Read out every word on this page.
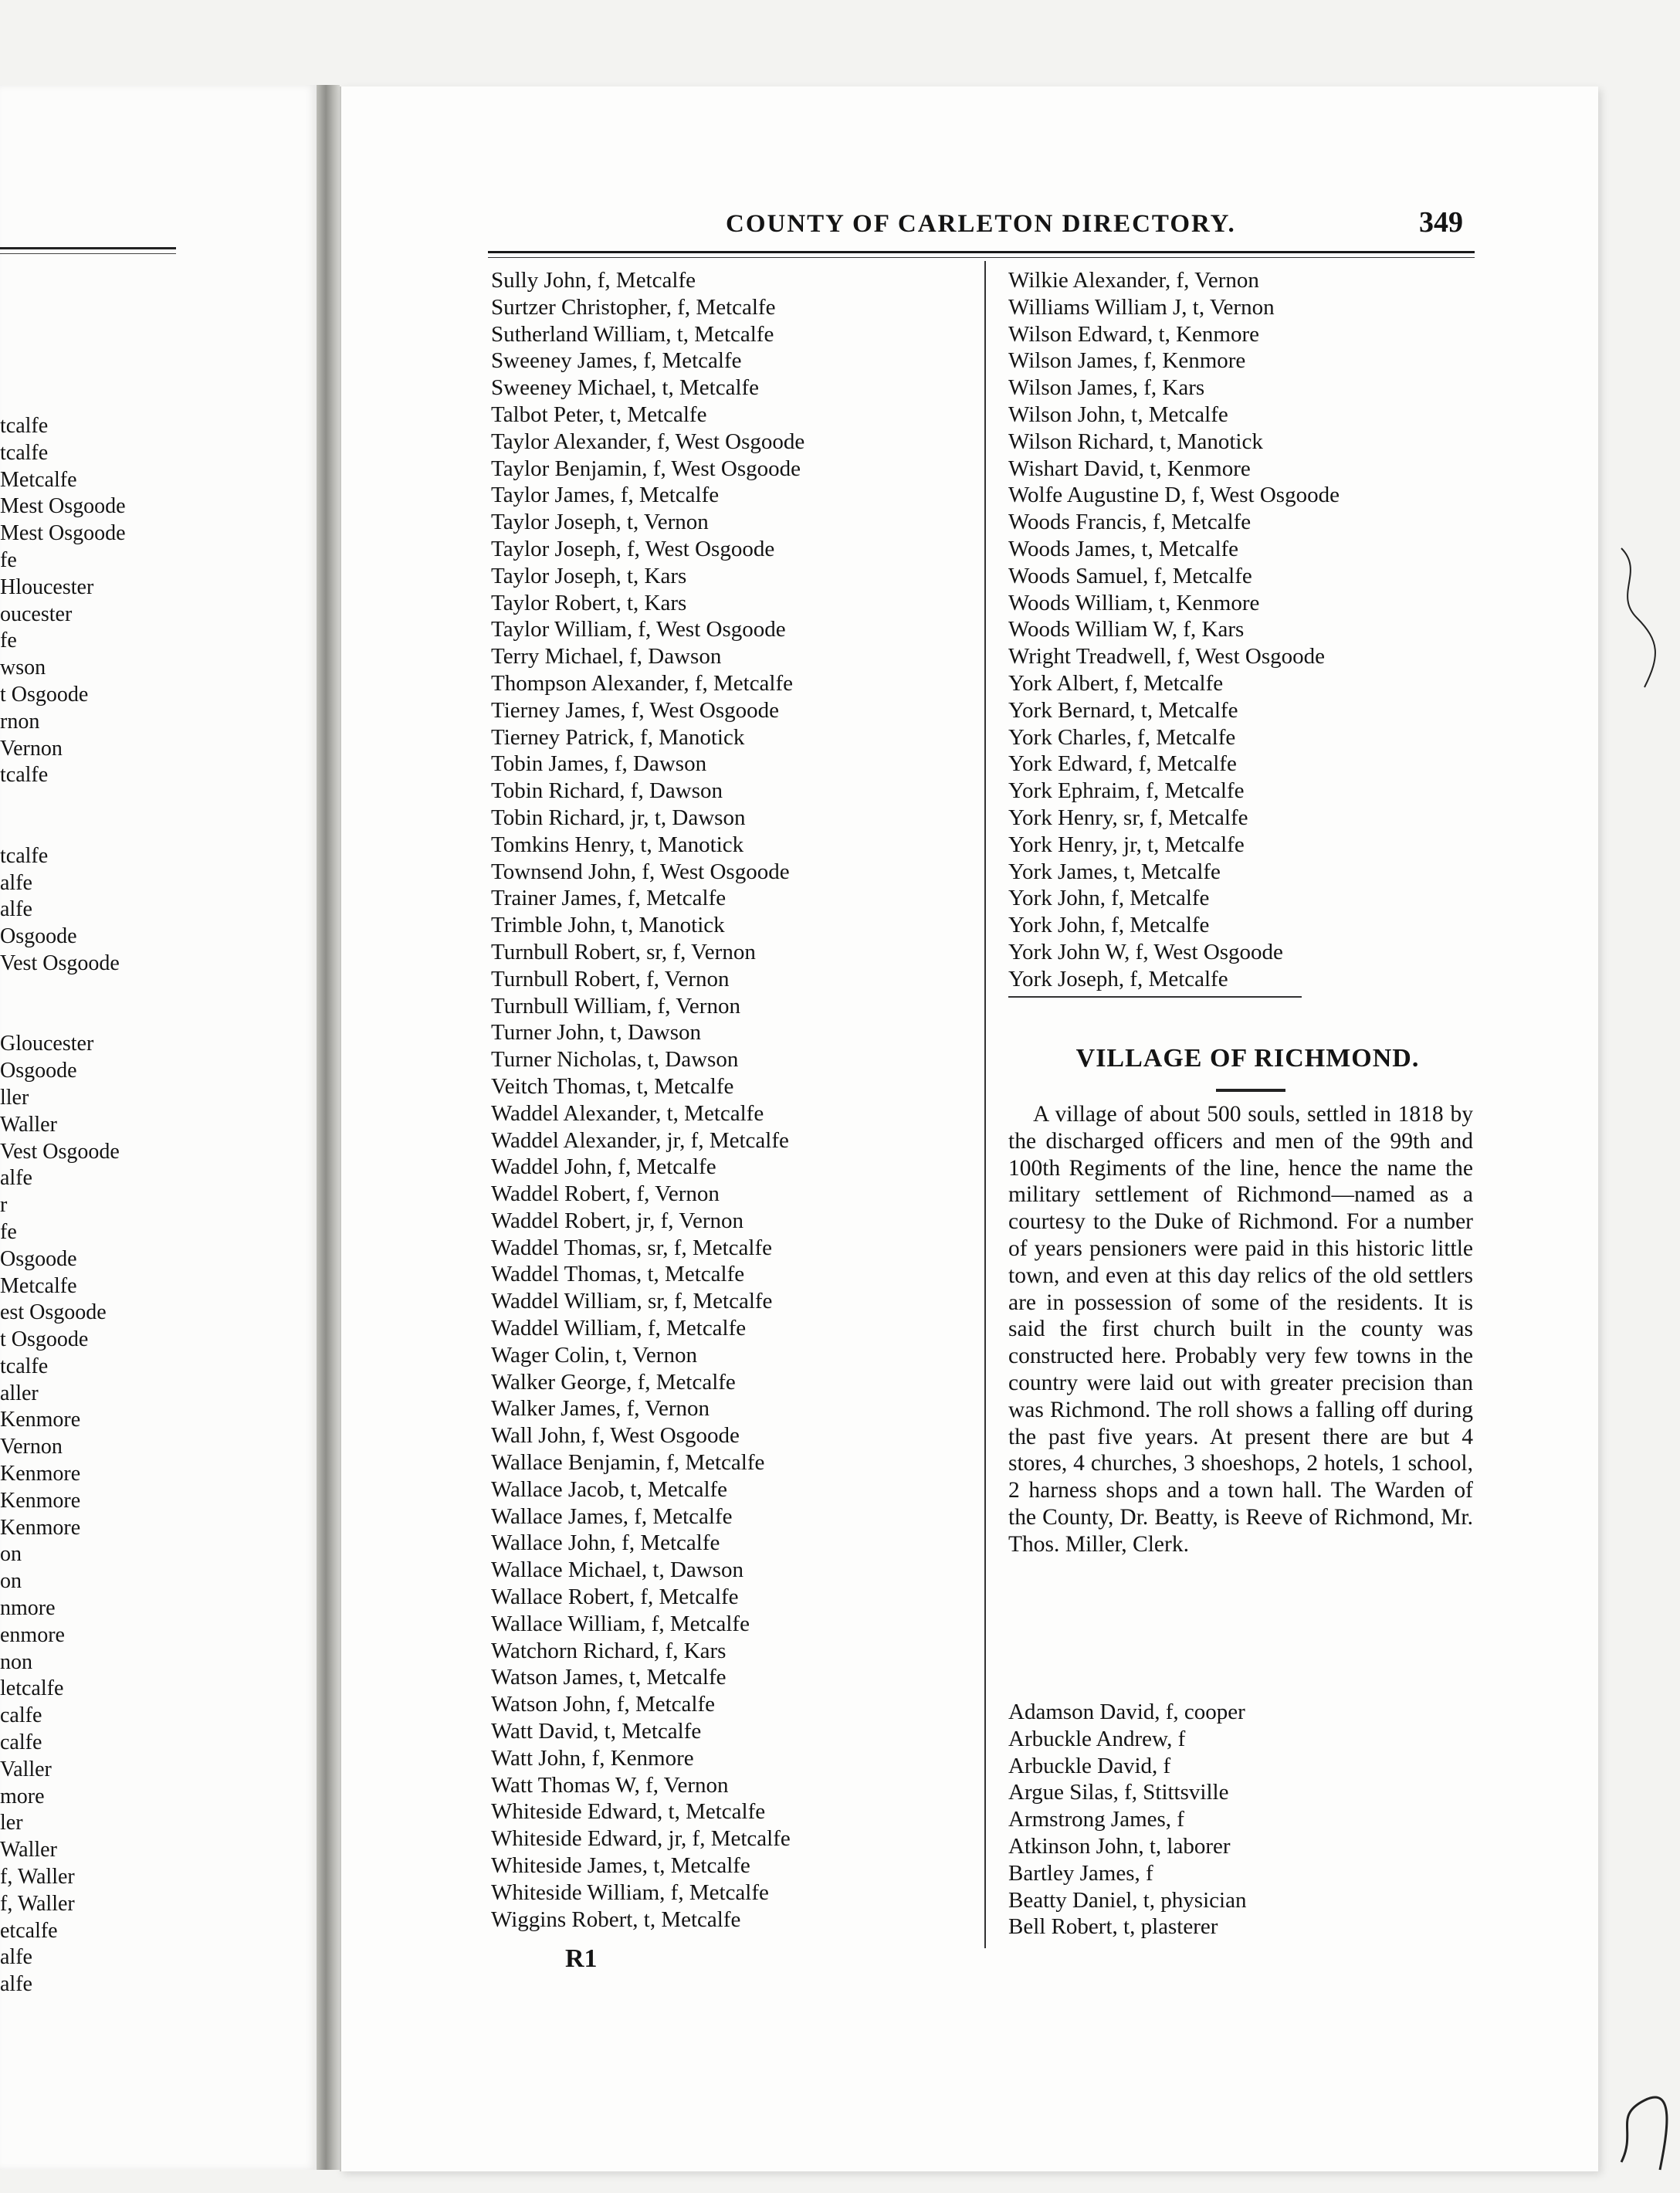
tcalfe
tcalfe
Metcalfe
Mest Osgoode
Mest Osgoode
fe
Hloucester
oucester
fe
wson
t Osgoode
rnon
Vernon
tcalfe
tcalfe
alfe
alfe
Osgoode
Vest Osgoode
Gloucester
Osgoode
ller
Waller
Vest Osgoode
alfe
r
fe
Osgoode
Metcalfe
est Osgoode
t Osgoode
tcalfe
aller
Kenmore
Vernon
Kenmore
Kenmore
Kenmore
on
on
nmore
enmore
non
letcalfe
calfe
calfe
Valler
more
ler
Waller
f, Waller
f, Waller
etcalfe
alfe
alfe
COUNTY OF CARLETON DIRECTORY.	349
Sully John, f, Metcalfe
Surtzer Christopher, f, Metcalfe
Sutherland William, t, Metcalfe
Sweeney James, f, Metcalfe
Sweeney Michael, t, Metcalfe
Talbot Peter, t, Metcalfe
Taylor Alexander, f, West Osgoode
Taylor Benjamin, f, West Osgoode
Taylor James, f, Metcalfe
Taylor Joseph, t, Vernon
Taylor Joseph, f, West Osgoode
Taylor Joseph, t, Kars
Taylor Robert, t, Kars
Taylor William, f, West Osgoode
Terry Michael, f, Dawson
Thompson Alexander, f, Metcalfe
Tierney James, f, West Osgoode
Tierney Patrick, f, Manotick
Tobin James, f, Dawson
Tobin Richard, f, Dawson
Tobin Richard, jr, t, Dawson
Tomkins Henry, t, Manotick
Townsend John, f, West Osgoode
Trainer James, f, Metcalfe
Trimble John, t, Manotick
Turnbull Robert, sr, f, Vernon
Turnbull Robert, f, Vernon
Turnbull William, f, Vernon
Turner John, t, Dawson
Turner Nicholas, t, Dawson
Veitch Thomas, t, Metcalfe
Waddel Alexander, t, Metcalfe
Waddel Alexander, jr, f, Metcalfe
Waddel John, f, Metcalfe
Waddel Robert, f, Vernon
Waddel Robert, jr, f, Vernon
Waddel Thomas, sr, f, Metcalfe
Waddel Thomas, t, Metcalfe
Waddel William, sr, f, Metcalfe
Waddel William, f, Metcalfe
Wager Colin, t, Vernon
Walker George, f, Metcalfe
Walker James, f, Vernon
Wall John, f, West Osgoode
Wallace Benjamin, f, Metcalfe
Wallace Jacob, t, Metcalfe
Wallace James, f, Metcalfe
Wallace John, f, Metcalfe
Wallace Michael, t, Dawson
Wallace Robert, f, Metcalfe
Wallace William, f, Metcalfe
Watchorn Richard, f, Kars
Watson James, t, Metcalfe
Watson John, f, Metcalfe
Watt David, t, Metcalfe
Watt John, f, Kenmore
Watt Thomas W, f, Vernon
Whiteside Edward, t, Metcalfe
Whiteside Edward, jr, f, Metcalfe
Whiteside James, t, Metcalfe
Whiteside William, f, Metcalfe
Wiggins Robert, t, Metcalfe
R1
Wilkie Alexander, f, Vernon
Williams William J, t, Vernon
Wilson Edward, t, Kenmore
Wilson James, f, Kenmore
Wilson James, f, Kars
Wilson John, t, Metcalfe
Wilson Richard, t, Manotick
Wishart David, t, Kenmore
Wolfe Augustine D, f, West Osgoode
Woods Francis, f, Metcalfe
Woods James, t, Metcalfe
Woods Samuel, f, Metcalfe
Woods William, t, Kenmore
Woods William W, f, Kars
Wright Treadwell, f, West Osgoode
York Albert, f, Metcalfe
York Bernard, t, Metcalfe
York Charles, f, Metcalfe
York Edward, f, Metcalfe
York Ephraim, f, Metcalfe
York Henry, sr, f, Metcalfe
York Henry, jr, t, Metcalfe
York James, t, Metcalfe
York John, f, Metcalfe
York John, f, Metcalfe
York John W, f, West Osgoode
York Joseph, f, Metcalfe
VILLAGE OF RICHMOND.
A village of about 500 souls, settled in 1818 by the discharged officers and men of the 99th and 100th Regiments of the line, hence the name the military settlement of Richmond—named as a courtesy to the Duke of Richmond. For a number of years pensioners were paid in this historic little town, and even at this day relics of the old settlers are in possession of some of the residents. It is said the first church built in the county was constructed here. Probably very few towns in the country were laid out with greater precision than was Richmond. The roll shows a falling off during the past five years. At present there are but 4 stores, 4 churches, 3 shoeshops, 2 hotels, 1 school, 2 harness shops and a town hall. The Warden of the County, Dr. Beatty, is Reeve of Richmond, Mr. Thos. Miller, Clerk.
Adamson David, f, cooper
Arbuckle Andrew, f
Arbuckle David, f
Argue Silas, f, Stittsville
Armstrong James, f
Atkinson John, t, laborer
Bartley James, f
Beatty Daniel, t, physician
Bell Robert, t, plasterer
